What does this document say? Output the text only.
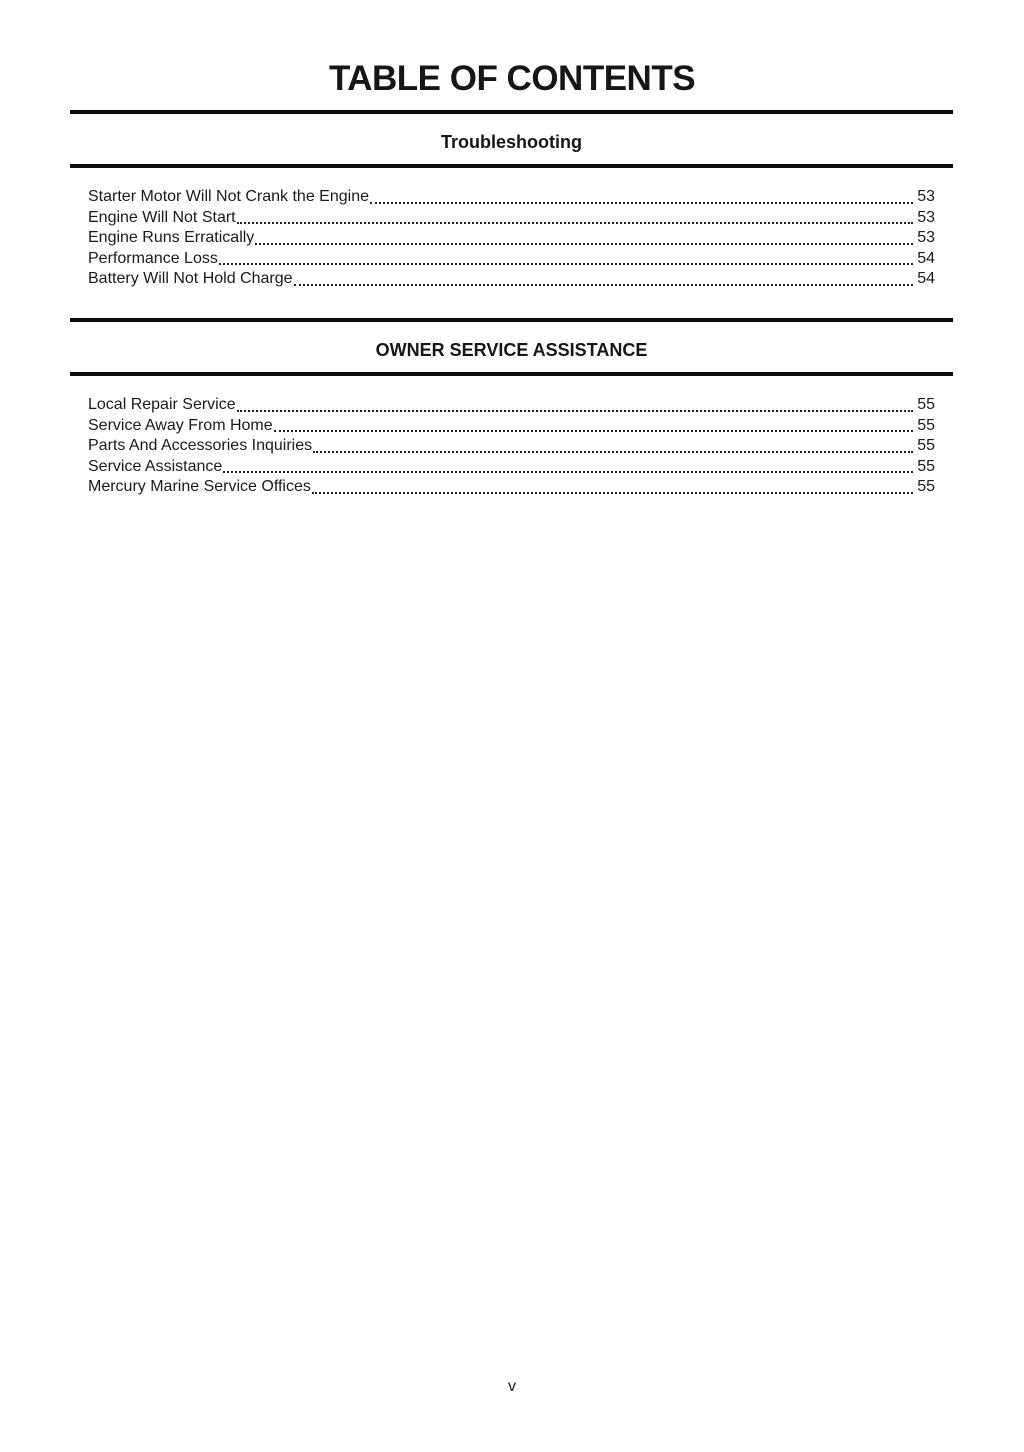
TABLE OF CONTENTS
Troubleshooting
Starter Motor Will Not Crank the Engine	53
Engine Will Not Start	53
Engine Runs Erratically	53
Performance Loss	54
Battery Will Not Hold Charge	54
OWNER SERVICE ASSISTANCE
Local Repair Service	55
Service Away From Home	55
Parts And Accessories Inquiries	55
Service Assistance	55
Mercury Marine Service Offices	55
v
